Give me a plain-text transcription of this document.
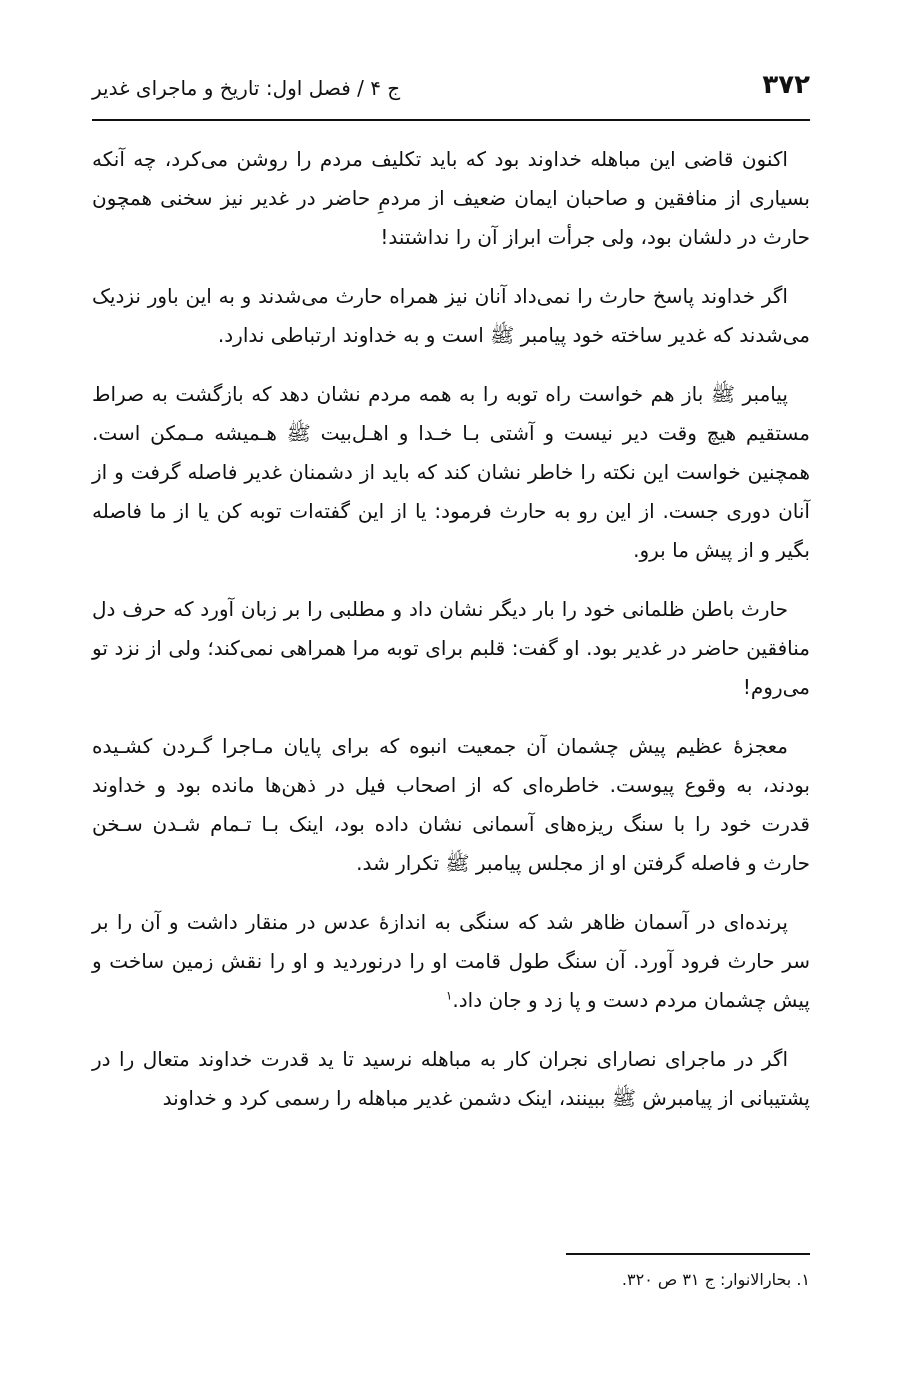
۳۷۲
ج ۴ / فصل اول: تاریخ و ماجرای غدیر

اکنون قاضی این مباهله خداوند بود که باید تکلیف مردم را روشن می‌کرد، چه آنکه بسیاری از منافقین و صاحبان ایمان ضعیف از مردمِ حاضر در غدیر نیز سخنی همچون حارث در دلشان بود، ولی جرأت ابراز آن را نداشتند!

اگر خداوند پاسخ حارث را نمی‌داد آنان نیز همراه حارث می‌شدند و به این باور نزدیک می‌شدند که غدیر ساخته خود پیامبر ﷺ است و به خداوند ارتباطی ندارد.

پیامبر ﷺ باز هم خواست راه توبه را به همه مردم نشان دهد که بازگشت به صراط مستقیم هیچ وقت دیر نیست و آشتی بـا خـدا و اهـل‌بیت ﷺ هـمیشه مـمکن است. همچنین خواست این نکته را خاطر نشان کند که باید از دشمنان غدیر فاصله گرفت و از آنان دوری جست. از این رو به حارث فرمود: یا از این گفته‌ات توبه کن یا از ما فاصله بگیر و از پیش ما برو.

حارث باطن ظلمانی خود را بار دیگر نشان داد و مطلبی را بر زبان آورد که حرف دل منافقین حاضر در غدیر بود. او گفت: قلبم برای توبه مرا همراهی نمی‌کند؛ ولی از نزد تو می‌روم!

معجزهٔ عظیم پیش چشمان آن جمعیت انبوه که برای پایان مـاجرا گـردن کشـیده بودند، به وقوع پیوست. خاطره‌ای که از اصحاب فیل در ذهن‌ها مانده بود و خداوند قدرت خود را با سنگ ریزه‌های آسمانی نشان داده بود، اینک بـا تـمام شـدن سـخن حارث و فاصله گرفتن او از مجلس پیامبر ﷺ تکرار شد.

پرنده‌ای در آسمان ظاهر شد که سنگی به اندازهٔ عدس در منقار داشت و آن را بر سر حارث فرود آورد. آن سنگ طول قامت او را درنوردید و او را نقش زمین ساخت و پیش چشمان مردم دست و پا زد و جان داد.$^۱$

اگر در ماجرای نصارای نجران کار به مباهله نرسید تا ید قدرت خداوند متعال را در پشتیبانی از پیامبرش ﷺ ببینند، اینک دشمن غدیر مباهله را رسمی کرد و خداوند

۱. بحارالانوار: ج ۳۱ ص ۳۲۰.
